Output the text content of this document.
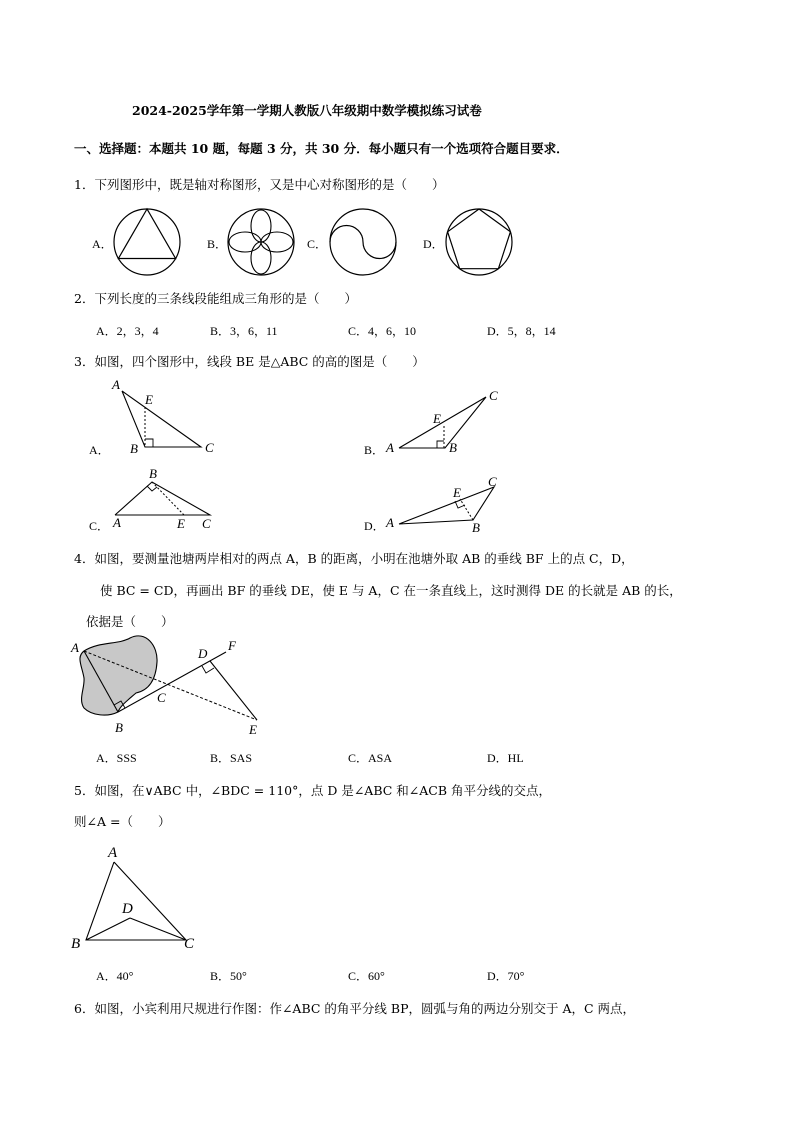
2024-2025学年第一学期人教版八年级期中数学模拟练习试卷
一、选择题：本题共 10 题，每题 3 分，共 30 分．每小题只有一个选项符合题目要求．
1．下列图形中，既是轴对称图形，又是中心对称图形的是（　　）
A．	B．	C．	D．
2．下列长度的三条线段能组成三角形的是（　　）
A．2，3，4	B．3，6，11	C．4，6，10	D．5，8，14
3．如图，四个图形中，线段 BE 是△ABC 的高的图是（　　）
A．	B．
C．	D．
A
E
B	C	A
E
B
C
B
A	E C	A
E
C
B
4．如图，要测量池塘两岸相对的两点 A，B 的距离，小明在池塘外取 AB 的垂线 BF 上的点 C，D，
使 BC = CD，再画出 BF 的垂线 DE，使 E 与 A，C 在一条直线上，这时测得 DE 的长就是 AB 的长，
依据是（　　）
A
B
C
D
F
E
A．SSS	B．SAS	C．ASA	D．HL
5．如图，在∨ABC 中，∠BDC = 110°，点 D 是∠ABC 和∠ACB 角平分线的交点，
则∠A =（　　）
A
D
B	C
A．40°	B．50°	C．60°	D．70°
6．如图，小宾利用尺规进行作图：作∠ABC 的角平分线 BP，圆弧与角的两边分别交于 A，C 两点，
